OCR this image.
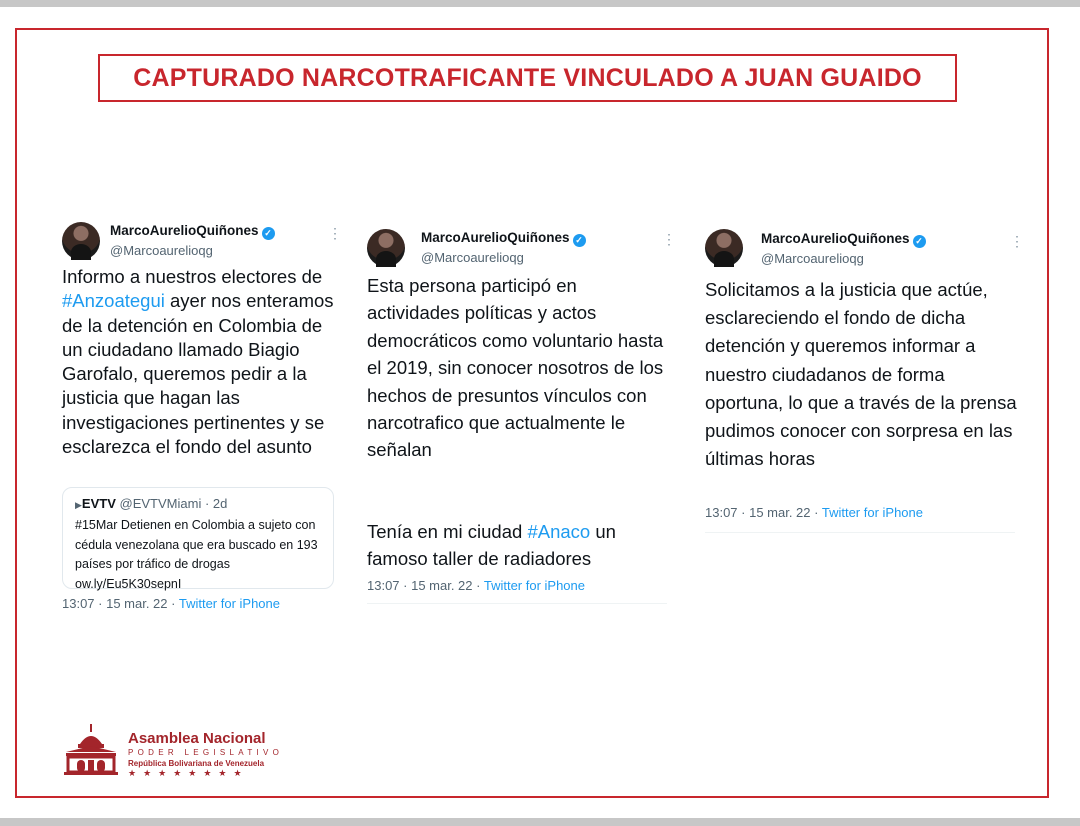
CAPTURADO NARCOTRAFICANTE VINCULADO A JUAN GUAIDO
MarcoAurelioQuiñones ✓
@Marcoaurelioqg
⋮

Informo a nuestros electores de #Anzoategui ayer nos enteramos de la detención en Colombia de un ciudadano llamado Biagio Garofalo, queremos pedir a la justicia que hagan las investigaciones pertinentes y se esclarezca el fondo del asunto

▶EVTV @EVTVMiami · 2d

#15Mar Detienen en Colombia a sujeto con cédula venezolana que era buscado en 193 países por tráfico de drogas ow.ly/Eu5K30sepnI

13:07 · 15 mar. 22 · Twitter for iPhone
MarcoAurelioQuiñones ✓
@Marcoaurelioqg
⋮

Esta persona participó en actividades políticas y actos democráticos como voluntario hasta el 2019, sin conocer nosotros de los hechos de presuntos vínculos con narcotrafico que actualmente le señalan

Tenía en mi ciudad #Anaco un famoso taller de radiadores

13:07 · 15 mar. 22 · Twitter for iPhone
MarcoAurelioQuiñones ✓
@Marcoaurelioqg
⋮

Solicitamos a la justicia que actúe, esclareciendo el fondo de dicha detención y queremos informar a nuestro ciudadanos de forma oportuna, lo que a través de la prensa pudimos conocer con sorpresa en las últimas horas

13:07 · 15 mar. 22 · Twitter for iPhone
Asamblea Nacional
PODER LEGISLATIVO
República Bolivariana de Venezuela
★★★★★★★★
